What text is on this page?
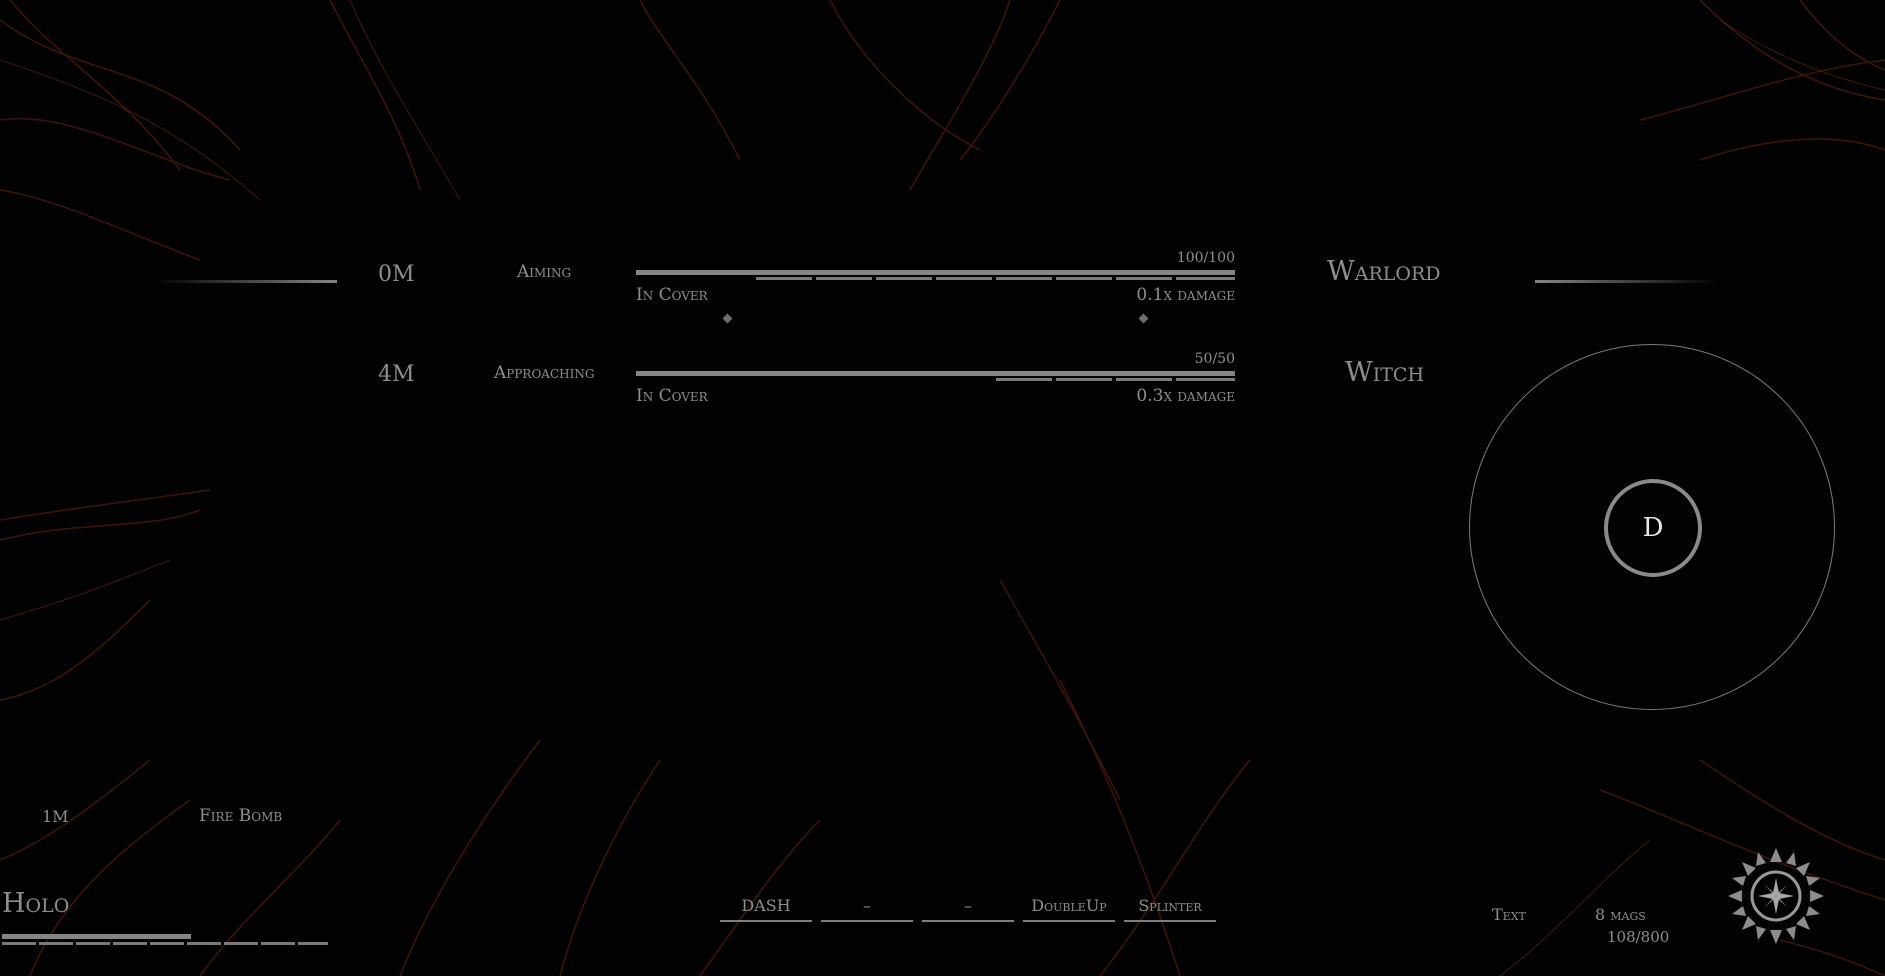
0M	Aiming
100/100
In Cover	0.1x damage
Warlord
4M	Approaching
50/50
In Cover	0.3x damage
Witch
D
1M	Fire Bomb
Holo	DASH	–	–	DoubleUp	Splinter	Text	8 mags
108/800
